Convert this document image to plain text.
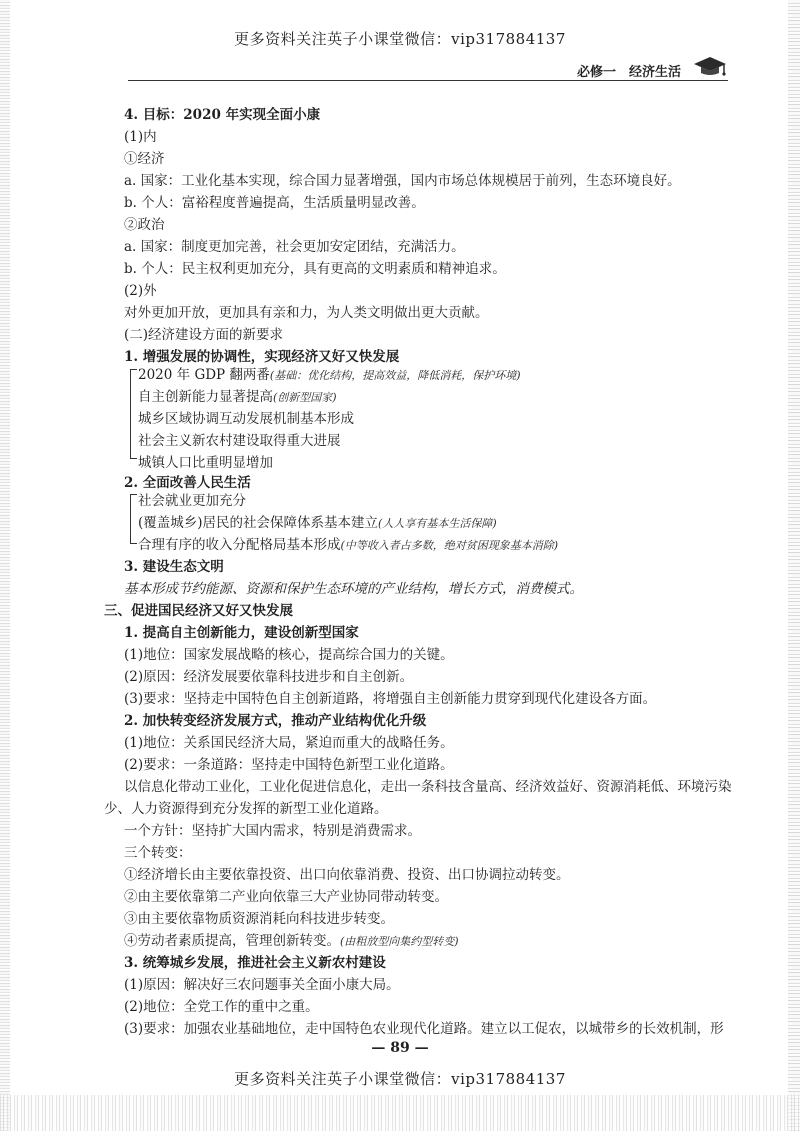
更多资料关注英子小课堂微信：vip317884137
必修一　经济生活
4. 目标：2020 年实现全面小康
(1)内
①经济
a. 国家：工业化基本实现，综合国力显著增强，国内市场总体规模居于前列，生态环境良好。
b. 个人：富裕程度普遍提高，生活质量明显改善。
②政治
a. 国家：制度更加完善，社会更加安定团结，充满活力。
b. 个人：民主权利更加充分，具有更高的文明素质和精神追求。
(2)外
对外更加开放，更加具有亲和力，为人类文明做出更大贡献。
(二)经济建设方面的新要求
1. 增强发展的协调性，实现经济又好又快发展
2020 年 GDP 翻两番(基础：优化结构，提高效益，降低消耗，保护环境)
自主创新能力显著提高(创新型国家)
城乡区域协调互动发展机制基本形成
社会主义新农村建设取得重大进展
城镇人口比重明显增加
2. 全面改善人民生活
社会就业更加充分
(覆盖城乡)居民的社会保障体系基本建立(人人享有基本生活保障)
合理有序的收入分配格局基本形成(中等收入者占多数，绝对贫困现象基本消除)
3. 建设生态文明
基本形成节约能源、资源和保护生态环境的产业结构，增长方式，消费模式。
三、促进国民经济又好又快发展
1. 提高自主创新能力，建设创新型国家
(1)地位：国家发展战略的核心，提高综合国力的关键。
(2)原因：经济发展要依靠科技进步和自主创新。
(3)要求：坚持走中国特色自主创新道路，将增强自主创新能力贯穿到现代化建设各方面。
2. 加快转变经济发展方式，推动产业结构优化升级
(1)地位：关系国民经济大局，紧迫而重大的战略任务。
(2)要求：一条道路：坚持走中国特色新型工业化道路。
以信息化带动工业化，工业化促进信息化，走出一条科技含量高、经济效益好、资源消耗低、环境污染
少、人力资源得到充分发挥的新型工业化道路。
一个方针：坚持扩大国内需求，特别是消费需求。
三个转变：
①经济增长由主要依靠投资、出口向依靠消费、投资、出口协调拉动转变。
②由主要依靠第二产业向依靠三大产业协同带动转变。
③由主要依靠物质资源消耗向科技进步转变。
④劳动者素质提高，管理创新转变。(由粗放型向集约型转变)
3. 统筹城乡发展，推进社会主义新农村建设
(1)原因：解决好三农问题事关全面小康大局。
(2)地位：全党工作的重中之重。
(3)要求：加强农业基础地位，走中国特色农业现代化道路。建立以工促农，以城带乡的长效机制，形
— 89 —
更多资料关注英子小课堂微信：vip317884137
